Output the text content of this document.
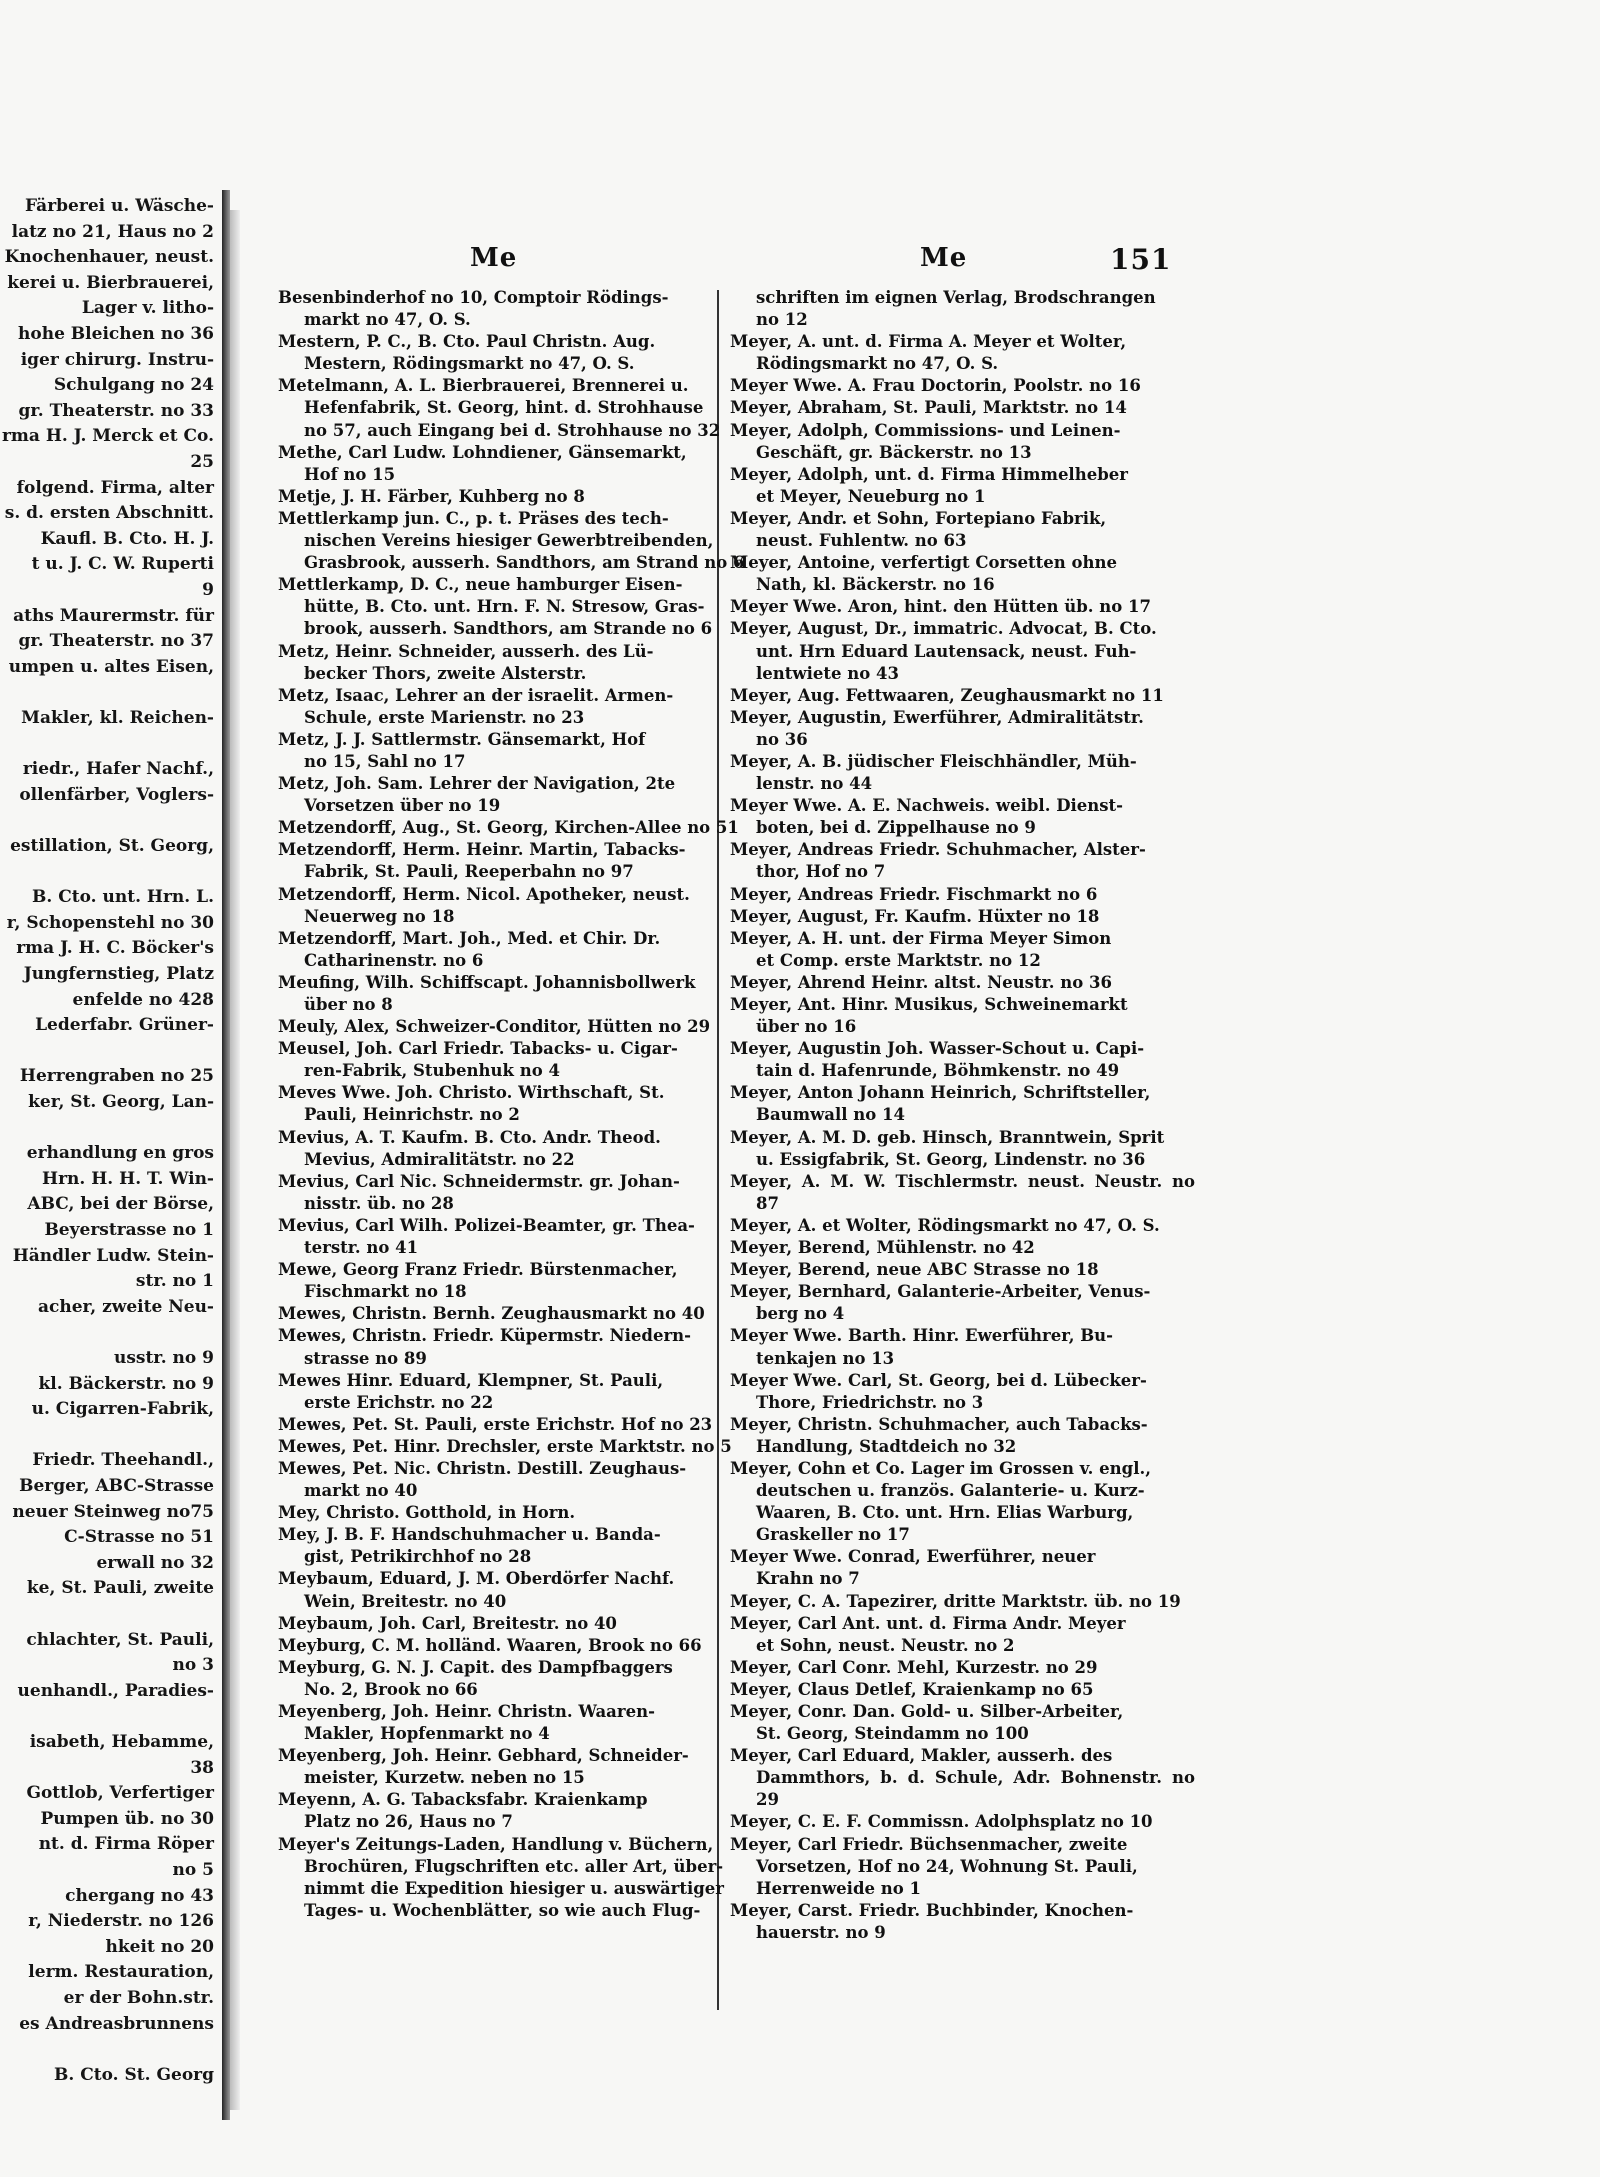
Färberei u. Wäsche-
latz no 21, Haus no 2
Knochenhauer, neust.
kerei u. Bierbrauerei,
Lager v. litho-
hohe Bleichen no 36
iger chirurg. Instru-
Schulgang no 24
gr. Theaterstr. no 33
rma H. J. Merck et Co.
25
folgend. Firma, alter
s. d. ersten Abschnitt.
Kaufl. B. Cto. H. J.
t u. J. C. W. Ruperti
9
aths Maurermstr. für
gr. Theaterstr. no 37
umpen u. altes Eisen,
Makler, kl. Reichen-
riedr., Hafer Nachf.,
ollenfärber, Voglers-
estillation, St. Georg,
B. Cto. unt. Hrn. L.
r, Schopenstehl no 30
rma J. H. C. Böcker's
Jungfernstieg, Platz
enfelde no 428
Lederfabr. Grüner-
Herrengraben no 25
ker, St. Georg, Lan-
erhandlung en gros
Hrn. H. H. T. Win-
ABC, bei der Börse,
Beyerstrasse no 1
Händler Ludw. Stein-
str. no 1
acher, zweite Neu-
usstr. no 9
kl. Bäckerstr. no 9
u. Cigarren-Fabrik,
Friedr. Theehandl.,
Berger, ABC-Strasse
neuer Steinweg no75
C-Strasse no 51
erwall no 32
ke, St. Pauli, zweite
chlachter, St. Pauli,
no 3
uenhandl., Paradies-
isabeth, Hebamme,
38
Gottlob, Verfertiger
Pumpen üb. no 30
nt. d. Firma Röper
no 5
chergang no 43
r, Niederstr. no 126
hkeit no 20
lerm. Restauration,
er der Bohn.str.
es Andreasbrunnens
B. Cto. St. Georg
Me	Me	151

Besenbinderhof no 10, Comptoir Rödings-

markt no 47, O. S.

Mestern, P. C., B. Cto. Paul Christn. Aug.

Mestern, Rödingsmarkt no 47, O. S.

Metelmann, A. L. Bierbrauerei, Brennerei u.

Hefenfabrik, St. Georg, hint. d. Strohhause

no 57, auch Eingang bei d. Strohhause no 32

Methe, Carl Ludw. Lohndiener, Gänsemarkt,

Hof no 15

Metje, J. H. Färber, Kuhberg no 8

Mettlerkamp jun. C., p. t. Präses des tech-

nischen Vereins hiesiger Gewerbtreibenden,

Grasbrook, ausserh. Sandthors, am Strand no 6

Mettlerkamp, D. C., neue hamburger Eisen-

hütte, B. Cto. unt. Hrn. F. N. Stresow, Gras-

brook, ausserh. Sandthors, am Strande no 6

Metz, Heinr. Schneider, ausserh. des Lü-

becker Thors, zweite Alsterstr.

Metz, Isaac, Lehrer an der israelit. Armen-

Schule, erste Marienstr. no 23

Metz, J. J. Sattlermstr. Gänsemarkt, Hof

no 15, Sahl no 17

Metz, Joh. Sam. Lehrer der Navigation, 2te

Vorsetzen über no 19

Metzendorff, Aug., St. Georg, Kirchen-Allee no 51

Metzendorff, Herm. Heinr. Martin, Tabacks-

Fabrik, St. Pauli, Reeperbahn no 97

Metzendorff, Herm. Nicol. Apotheker, neust.

Neuerweg no 18

Metzendorff, Mart. Joh., Med. et Chir. Dr.

Catharinenstr. no 6

Meufing, Wilh. Schiffscapt. Johannisbollwerk

über no 8

Meuly, Alex, Schweizer-Conditor, Hütten no 29

Meusel, Joh. Carl Friedr. Tabacks- u. Cigar-

ren-Fabrik, Stubenhuk no 4

Meves Wwe. Joh. Christo. Wirthschaft, St.

Pauli, Heinrichstr. no 2

Mevius, A. T. Kaufm. B. Cto. Andr. Theod.

Mevius, Admiralitätstr. no 22

Mevius, Carl Nic. Schneidermstr. gr. Johan-

nisstr. üb. no 28

Mevius, Carl Wilh. Polizei-Beamter, gr. Thea-

terstr. no 41

Mewe, Georg Franz Friedr. Bürstenmacher,

Fischmarkt no 18

Mewes, Christn. Bernh. Zeughausmarkt no 40

Mewes, Christn. Friedr. Küpermstr. Niedern-

strasse no 89

Mewes Hinr. Eduard, Klempner, St. Pauli,

erste Erichstr. no 22

Mewes, Pet. St. Pauli, erste Erichstr. Hof no 23

Mewes, Pet. Hinr. Drechsler, erste Marktstr. no 5

Mewes, Pet. Nic. Christn. Destill. Zeughaus-

markt no 40

Mey, Christo. Gotthold, in Horn.

Mey, J. B. F. Handschuhmacher u. Banda-

gist, Petrikirchhof no 28

Meybaum, Eduard, J. M. Oberdörfer Nachf.

Wein, Breitestr. no 40

Meybaum, Joh. Carl, Breitestr. no 40

Meyburg, C. M. holländ. Waaren, Brook no 66

Meyburg, G. N. J. Capit. des Dampfbaggers

No. 2, Brook no 66

Meyenberg, Joh. Heinr. Christn. Waaren-

Makler, Hopfenmarkt no 4

Meyenberg, Joh. Heinr. Gebhard, Schneider-

meister, Kurzetw. neben no 15

Meyenn, A. G. Tabacksfabr. Kraienkamp

Platz no 26, Haus no 7

Meyer's Zeitungs-Laden, Handlung v. Büchern,

Brochüren, Flugschriften etc. aller Art, über-

nimmt die Expedition hiesiger u. auswärtiger

Tages- u. Wochenblätter, so wie auch Flug-

schriften im eignen Verlag, Brodschrangen

no 12

Meyer, A. unt. d. Firma A. Meyer et Wolter,

Rödingsmarkt no 47, O. S.

Meyer Wwe. A. Frau Doctorin, Poolstr. no 16

Meyer, Abraham, St. Pauli, Marktstr. no 14

Meyer, Adolph, Commissions- und Leinen-

Geschäft, gr. Bäckerstr. no 13

Meyer, Adolph, unt. d. Firma Himmelheber

et Meyer, Neueburg no 1

Meyer, Andr. et Sohn, Fortepiano Fabrik,

neust. Fuhlentw. no 63

Meyer, Antoine, verfertigt Corsetten ohne

Nath, kl. Bäckerstr. no 16

Meyer Wwe. Aron, hint. den Hütten üb. no 17

Meyer, August, Dr., immatric. Advocat, B. Cto.

unt. Hrn Eduard Lautensack, neust. Fuh-

lentwiete no 43

Meyer, Aug. Fettwaaren, Zeughausmarkt no 11

Meyer, Augustin, Ewerführer, Admiralitätstr.

no 36

Meyer, A. B. jüdischer Fleischhändler, Müh-

lenstr. no 44

Meyer Wwe. A. E. Nachweis. weibl. Dienst-

boten, bei d. Zippelhause no 9

Meyer, Andreas Friedr. Schuhmacher, Alster-

thor, Hof no 7

Meyer, Andreas Friedr. Fischmarkt no 6

Meyer, August, Fr. Kaufm. Hüxter no 18

Meyer, A. H. unt. der Firma Meyer Simon

et Comp. erste Marktstr. no 12

Meyer, Ahrend Heinr. altst. Neustr. no 36

Meyer, Ant. Hinr. Musikus, Schweinemarkt

über no 16

Meyer, Augustin Joh. Wasser-Schout u. Capi-

tain d. Hafenrunde, Böhmkenstr. no 49

Meyer, Anton Johann Heinrich, Schriftsteller,

Baumwall no 14

Meyer, A. M. D. geb. Hinsch, Branntwein, Sprit

u. Essigfabrik, St. Georg, Lindenstr. no 36

Meyer, A. M. W. Tischlermstr. neust. Neustr. no 87

Meyer, A. et Wolter, Rödingsmarkt no 47, O. S.

Meyer, Berend, Mühlenstr. no 42

Meyer, Berend, neue ABC Strasse no 18

Meyer, Bernhard, Galanterie-Arbeiter, Venus-

berg no 4

Meyer Wwe. Barth. Hinr. Ewerführer, Bu-

tenkajen no 13

Meyer Wwe. Carl, St. Georg, bei d. Lübecker-

Thore, Friedrichstr. no 3

Meyer, Christn. Schuhmacher, auch Tabacks-

Handlung, Stadtdeich no 32

Meyer, Cohn et Co. Lager im Grossen v. engl.,

deutschen u. französ. Galanterie- u. Kurz-

Waaren, B. Cto. unt. Hrn. Elias Warburg,

Graskeller no 17

Meyer Wwe. Conrad, Ewerführer, neuer

Krahn no 7

Meyer, C. A. Tapezirer, dritte Marktstr. üb. no 19

Meyer, Carl Ant. unt. d. Firma Andr. Meyer

et Sohn, neust. Neustr. no 2

Meyer, Carl Conr. Mehl, Kurzestr. no 29

Meyer, Claus Detlef, Kraienkamp no 65

Meyer, Conr. Dan. Gold- u. Silber-Arbeiter,

St. Georg, Steindamm no 100

Meyer, Carl Eduard, Makler, ausserh. des

Dammthors, b. d. Schule, Adr. Bohnenstr. no 29

Meyer, C. E. F. Commissn. Adolphsplatz no 10

Meyer, Carl Friedr. Büchsenmacher, zweite

Vorsetzen, Hof no 24, Wohnung St. Pauli,

Herrenweide no 1

Meyer, Carst. Friedr. Buchbinder, Knochen-

hauerstr. no 9
